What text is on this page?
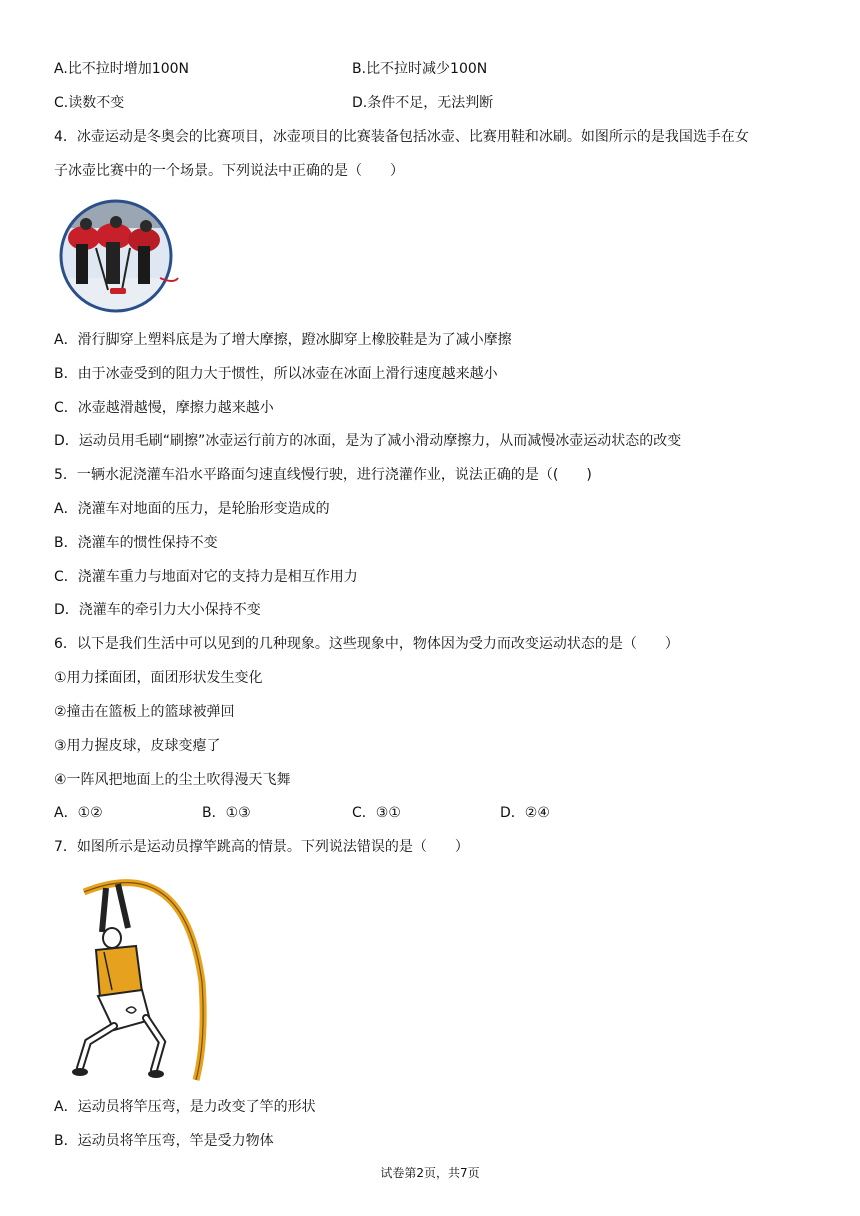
A.比不拉时增加100N	B.比不拉时减少100N
C.读数不变	D.条件不足，无法判断
4．冰壶运动是冬奥会的比赛项目，冰壶项目的比赛装备包括冰壶、比赛用鞋和冰刷。如图所示的是我国选手在女
子冰壶比赛中的一个场景。下列说法中正确的是（　　）
A．滑行脚穿上塑料底是为了增大摩擦，蹬冰脚穿上橡胶鞋是为了减小摩擦
B．由于冰壶受到的阻力大于惯性，所以冰壶在冰面上滑行速度越来越小
C．冰壶越滑越慢，摩擦力越来越小
D．运动员用毛刷“刷擦”冰壶运行前方的冰面，是为了减小滑动摩擦力，从而减慢冰壶运动状态的改变
5．一辆水泥浇灌车沿水平路面匀速直线慢行驶，进行浇灌作业，说法正确的是（(　　)
A．浇灌车对地面的压力，是轮胎形变造成的
B．浇灌车的惯性保持不变
C．浇灌车重力与地面对它的支持力是相互作用力
D．浇灌车的牵引力大小保持不变
6．以下是我们生活中可以见到的几种现象。这些现象中，物体因为受力而改变运动状态的是（　　）
①用力揉面团，面团形状发生变化
②撞击在篮板上的篮球被弹回
③用力握皮球，皮球变瘪了
④一阵风把地面上的尘土吹得漫天飞舞
A．①②	B．①③	C．③①	D．②④
7．如图所示是运动员撑竿跳高的情景。下列说法错误的是（　　）
A．运动员将竿压弯，是力改变了竿的形状
B．运动员将竿压弯，竿是受力物体
试卷第2页，共7页
